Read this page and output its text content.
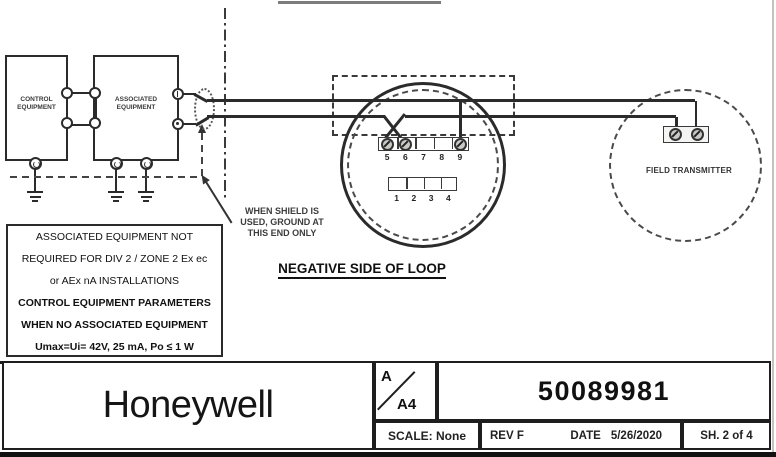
CONTROL EQUIPMENT
ASSOCIATED EQUIPMENT
WHEN SHIELD IS
USED, GROUND AT
THIS END ONLY
5	6	7	8	9
1	2	3	4
NEGATIVE SIDE OF LOOP
FIELD TRANSMITTER
ASSOCIATED EQUIPMENT NOT
REQUIRED FOR DIV 2 / ZONE 2 Ex ec
or AEx nA INSTALLATIONS
CONTROL EQUIPMENT PARAMETERS
WHEN NO ASSOCIATED EQUIPMENT
Umax=Ui= 42V, 25 mA, Po ≤ 1 W
Honeywell
A
A4	50089981
SCALE: None	REV F	DATE 5/26/2020	SH. 2 of 4
